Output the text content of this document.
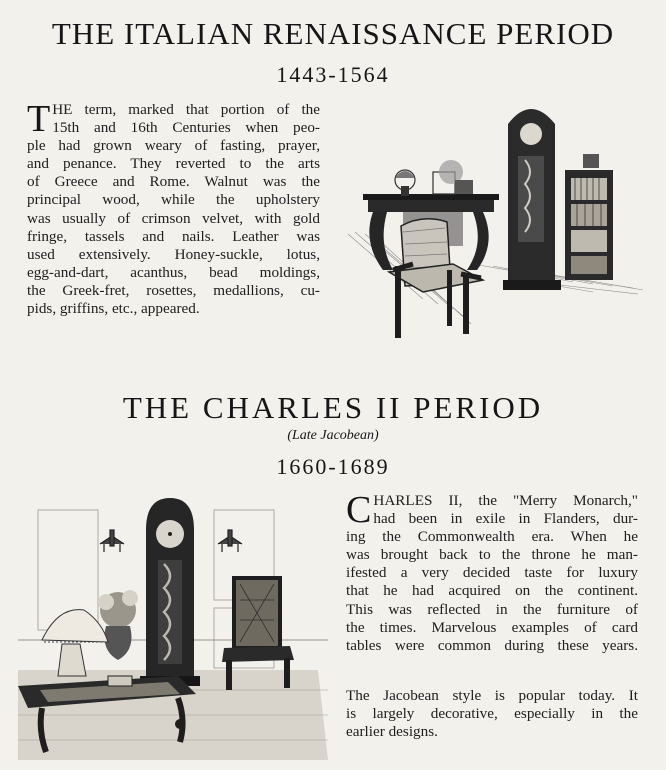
THE ITALIAN RENAISSANCE PERIOD
1443-1564
T HE term, marked that portion of the
15th and 16th Centuries when peo-
ple had grown weary of fasting, prayer,
and penance. They reverted to the arts
of Greece and Rome. Walnut was the
principal wood, while the upholstery
was usually of crimson velvet, with gold
fringe, tassels and nails. Leather was
used extensively. Honey-suckle, lotus,
egg-and-dart, acanthus, bead moldings,
the Greek-fret, rosettes, medallions, cu-
pids, griffins, etc., appeared.
THE CHARLES II PERIOD
(Late Jacobean)
1660-1689
C HARLES II, the "Merry Monarch,"
had been in exile in Flanders, dur-
ing the Commonwealth era. When he
was brought back to the throne he man-
ifested a very decided taste for luxury
that he had acquired on the continent.
This was reflected in the furniture of
the times. Marvelous examples of card
tables were common during these years.
The Jacobean style is popular today. It
is largely decorative, especially in the
earlier designs.
